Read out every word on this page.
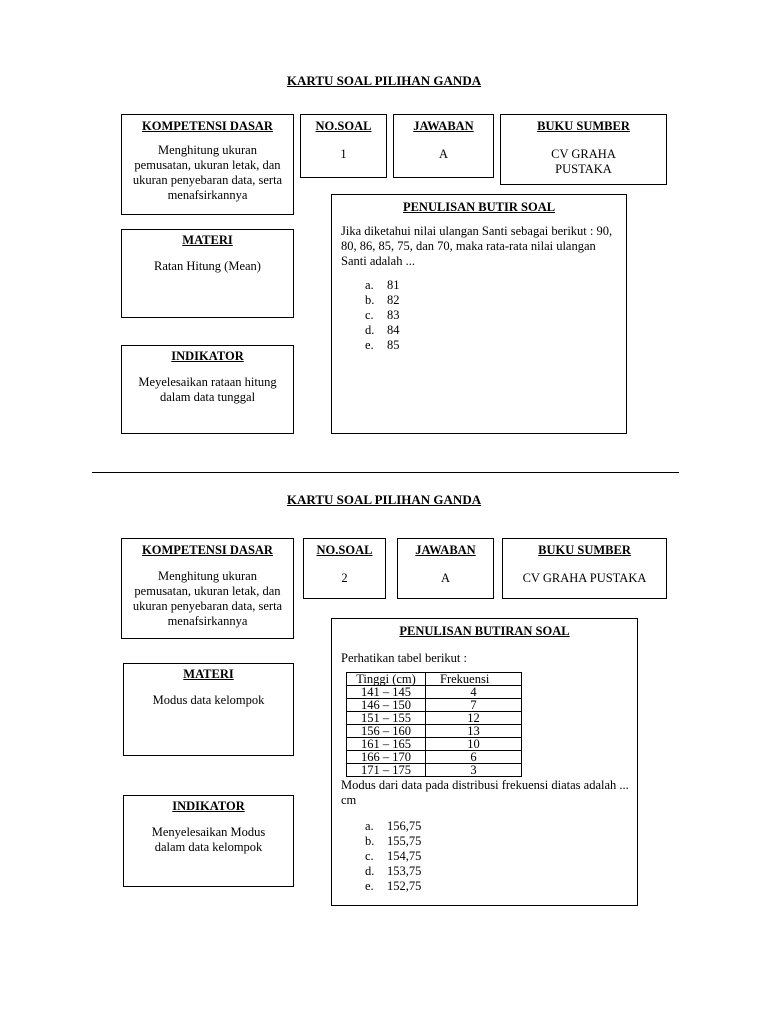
KARTU SOAL PILIHAN GANDA
KOMPETENSI DASAR
Menghitung ukuran pemusatan, ukuran letak, dan ukuran penyebaran data, serta menafsirkannya
NO.SOAL
1
JAWABAN
A
BUKU SUMBER
CV GRAHA PUSTAKA
MATERI
Ratan Hitung (Mean)
INDIKATOR
Meyelesaikan rataan hitung dalam data tunggal
PENULISAN BUTIR SOAL
Jika diketahui nilai ulangan Santi sebagai berikut : 90, 80, 86, 85, 75, dan 70, maka rata-rata nilai ulangan Santi adalah ...
a. 81
b. 82
c. 83
d. 84
e. 85
KARTU SOAL PILIHAN GANDA
KOMPETENSI DASAR
Menghitung ukuran pemusatan, ukuran letak, dan ukuran penyebaran data, serta menafsirkannya
NO.SOAL
2
JAWABAN
A
BUKU SUMBER
CV GRAHA PUSTAKA
MATERI
Modus data kelompok
INDIKATOR
Menyelesaikan Modus dalam data kelompok
PENULISAN BUTIRAN SOAL
Perhatikan tabel berikut :
Tinggi (cm)	Frekuensi
141 – 145	4
146 – 150	7
151 – 155	12
156 – 160	13
161 – 165	10
166 – 170	6
171 – 175	3
Modus dari data pada distribusi frekuensi diatas adalah ... cm
a. 156,75
b. 155,75
c. 154,75
d. 153,75
e. 152,75
